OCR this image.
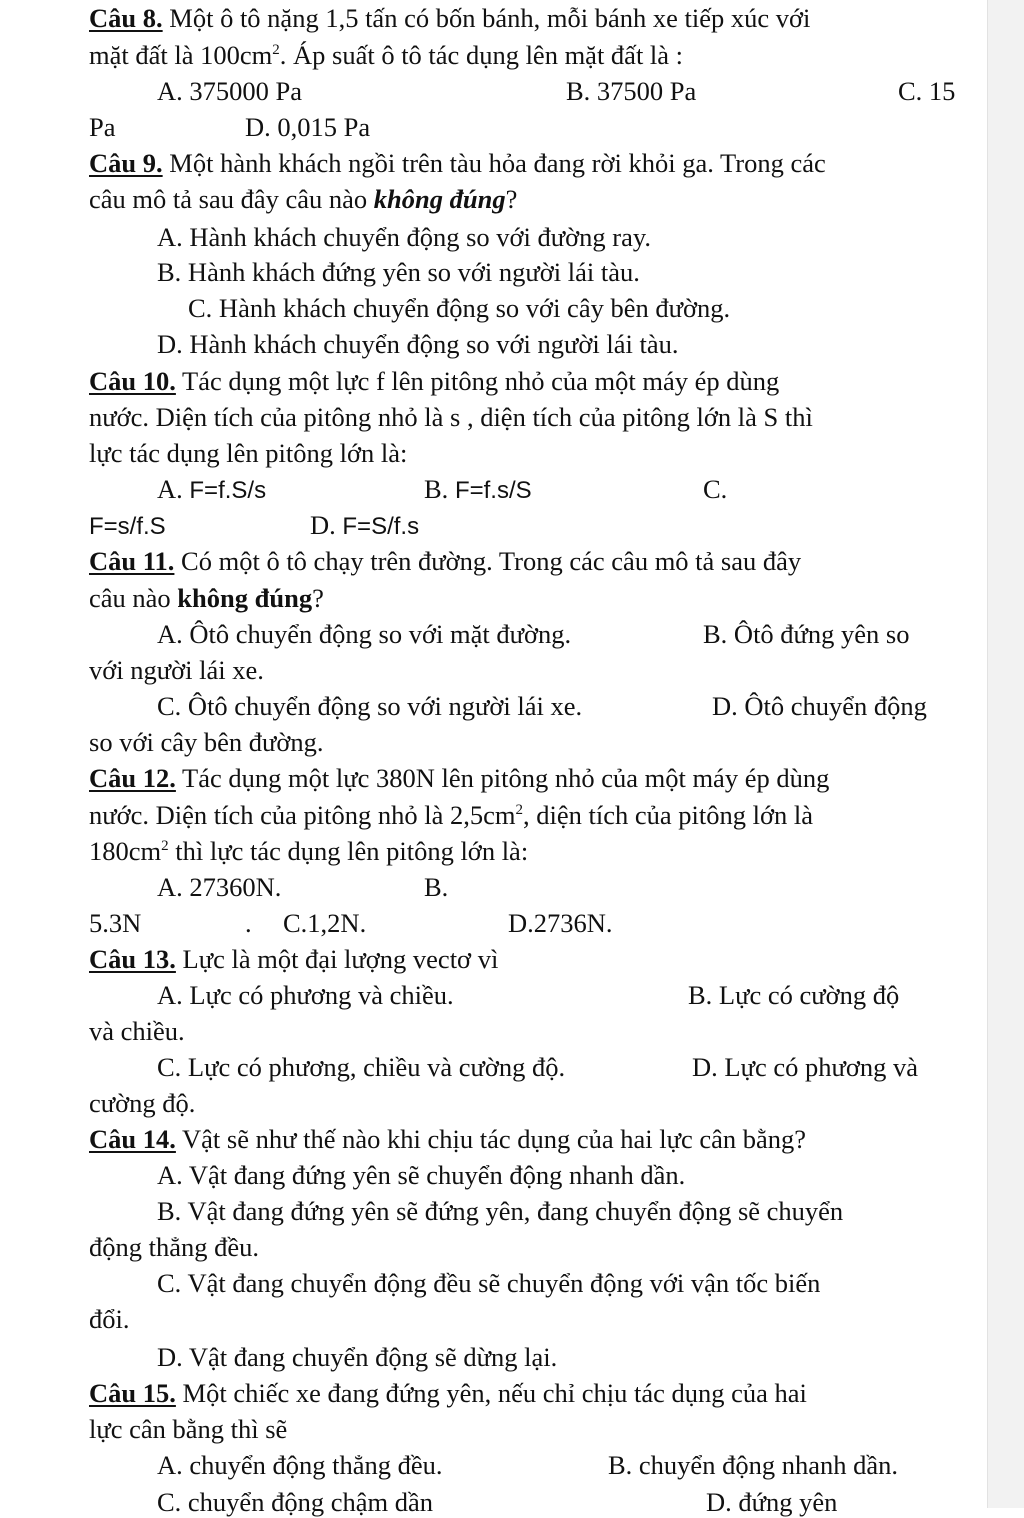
Câu 8. Một ô tô nặng 1,5 tấn có bốn bánh, mỗi bánh xe tiếp xúc với
mặt đất là $100cm^2$. Áp suất ô tô tác dụng lên mặt đất là :
A. 375000 Pa	B. 37500 Pa	C. 15
Pa	D. 0,015 Pa
Câu 9. Một hành khách ngồi trên tàu hỏa đang rời khỏi ga. Trong các
câu mô tả sau đây câu nào không đúng?
A. Hành khách chuyển động so với đường ray.
B. Hành khách đứng yên so với người lái tàu.
C. Hành khách chuyển động so với cây bên đường.
D. Hành khách chuyển động so với người lái tàu.
Câu 10. Tác dụng một lực f lên pitông nhỏ của một máy ép dùng
nước. Diện tích của pitông nhỏ là s , diện tích của pitông lớn là S thì
lực tác dụng lên pitông lớn là:
A. F=f.S/s	B. F=f.s/S	C.
F=s/f.S	D. F=S/f.s
Câu 11. Có một ô tô chạy trên đường. Trong các câu mô tả sau đây
câu nào không đúng?
A. Ôtô chuyển động so với mặt đường.	B. Ôtô đứng yên so
với người lái xe.
C. Ôtô chuyển động so với người lái xe.	D. Ôtô chuyển động
so với cây bên đường.
Câu 12. Tác dụng một lực 380N lên pitông nhỏ của một máy ép dùng
nước. Diện tích của pitông nhỏ là $2,5cm^2$, diện tích của pitông lớn là
$180cm^2$ thì lực tác dụng lên pitông lớn là:
A. 27360N.	B.
5.3N	. C.1,2N.	D.2736N.
Câu 13. Lực là một đại lượng vectơ vì
A. Lực có phương và chiều.	B. Lực có cường độ
và chiều.
C. Lực có phương, chiều và cường độ.	D. Lực có phương và
cường độ.
Câu 14. Vật sẽ như thế nào khi chịu tác dụng của hai lực cân bằng?
A. Vật đang đứng yên sẽ chuyển động nhanh dần.
B. Vật đang đứng yên sẽ đứng yên, đang chuyển động sẽ chuyển
động thẳng đều.
C. Vật đang chuyển động đều sẽ chuyển động với vận tốc biến
đổi.
D. Vật đang chuyển động sẽ dừng lại.
Câu 15. Một chiếc xe đang đứng yên, nếu chỉ chịu tác dụng của hai
lực cân bằng thì sẽ
A. chuyển động thẳng đều.	B. chuyển động nhanh dần.
C. chuyển động chậm dần	D. đứng yên
